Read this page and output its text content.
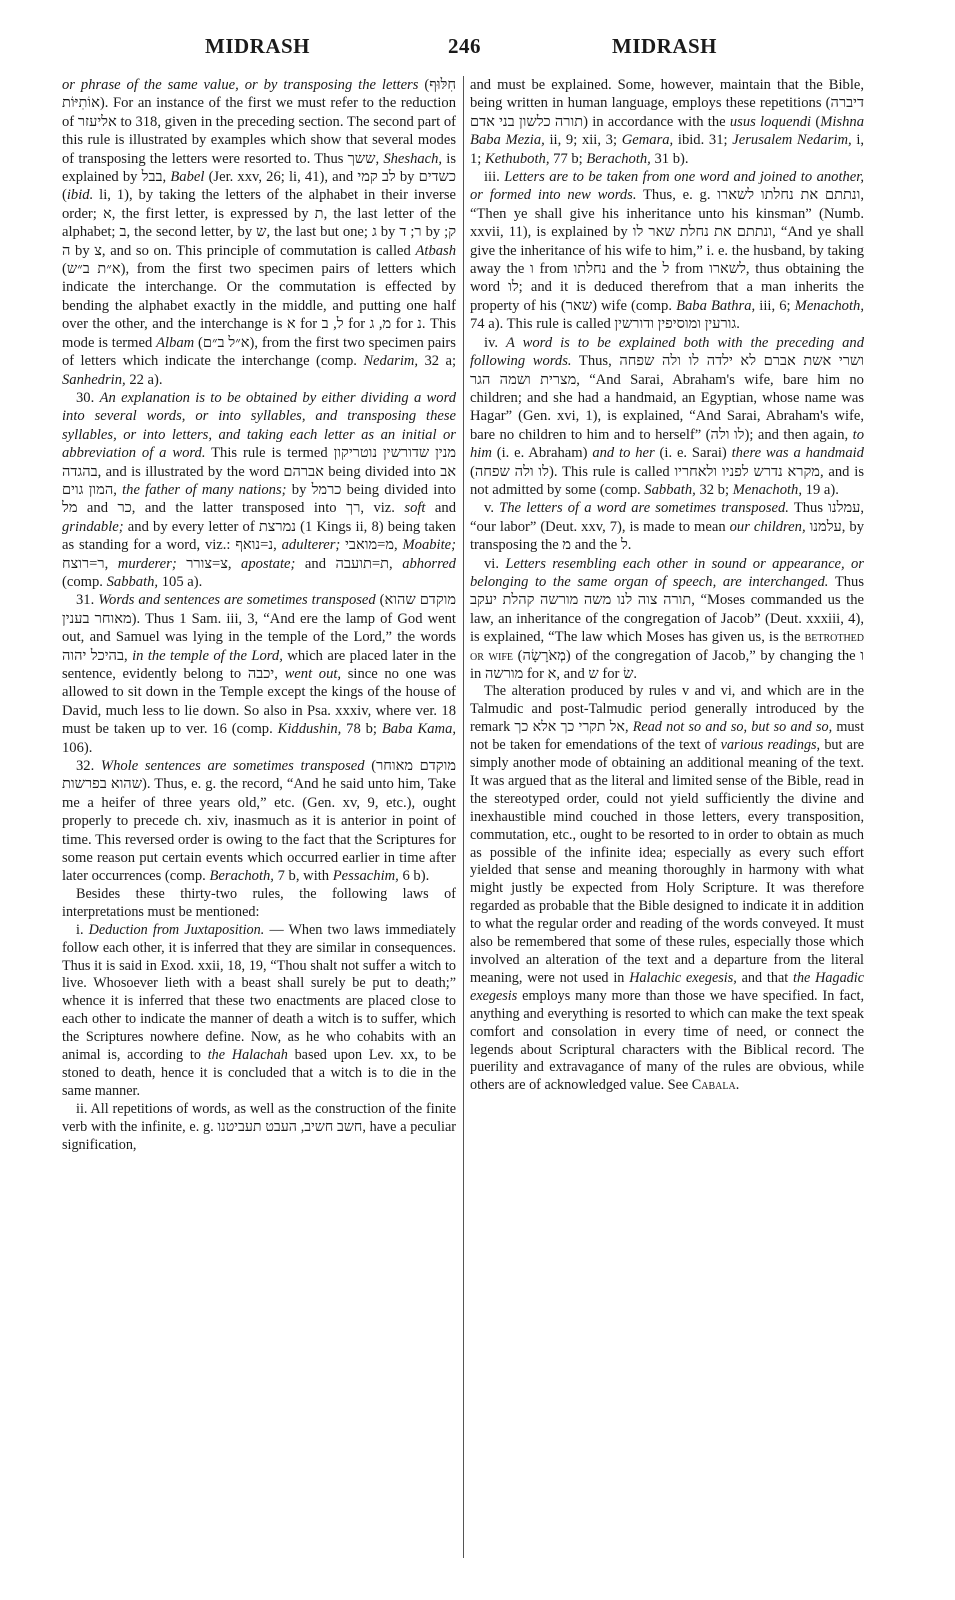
MIDRASH	246	MIDRASH

or phrase of the same value, or by transposing the letters (חִלּוּף אוֹתִיּוֹת). For an instance of the first we must refer to the reduction of אליעזר to 318, given in the preceding section. The second part of this rule is illustrated by examples which show that several modes of transposing the letters were resorted to. Thus ששך, Sheshach, is explained by בבל, Babel (Jer. xxv, 26; li, 41), and לב קמי by כשדים (ibid. li, 1), by taking the letters of the alphabet in their inverse order; א, the first letter, is expressed by ת, the last letter of the alphabet; ב, the second letter, by ש, the last but one; ג by ר; ד by ק; ה by צ, and so on. This principle of commutation is called Atbash (א״ת ב״ש), from the first two specimen pairs of letters which indicate the interchange. Or the commutation is effected by bending the alphabet exactly in the middle, and putting one half over the other, and the interchange is א for ל, ב for מ, ג for נ. This mode is termed Albam (א״ל ב״ם), from the first two specimen pairs of letters which indicate the interchange (comp. Nedarim, 32 a; Sanhedrin, 22 a).

30. An explanation is to be obtained by either dividing a word into several words, or into syllables, and transposing these syllables, or into letters, and taking each letter as an initial or abbreviation of a word. This rule is termed מנין שדורשין נוטריקון בהגדה, and is illustrated by the word אברהם being divided into אב המון גוים, the father of many nations; by כרמל being divided into מל and כר, and the latter transposed into רך, viz. soft and grindable; and by every letter of נמרצת (1 Kings ii, 8) being taken as standing for a word, viz.: נ=נואף, adulterer; מ=מואבי, Moabite; ר=רוצח, murderer; צ=צורר, apostate; and ת=תועבה, abhorred (comp. Sabbath, 105 a).

31. Words and sentences are sometimes transposed (מוקדם שהוא מאוחר בענין). Thus 1 Sam. iii, 3, “And ere the lamp of God went out, and Samuel was lying in the temple of the Lord,” the words בהיכל יהוה, in the temple of the Lord, which are placed later in the sentence, evidently belong to יכבה, went out, since no one was allowed to sit down in the Temple except the kings of the house of David, much less to lie down. So also in Psa. xxxiv, where ver. 18 must be taken up to ver. 16 (comp. Kiddushin, 78 b; Baba Kama, 106).

32. Whole sentences are sometimes transposed (מוקדם מאוחר שהוא בפרשות). Thus, e. g. the record, “And he said unto him, Take me a heifer of three years old,” etc. (Gen. xv, 9, etc.), ought properly to precede ch. xiv, inasmuch as it is anterior in point of time. This reversed order is owing to the fact that the Scriptures for some reason put certain events which occurred earlier in time after later occurrences (comp. Berachoth, 7 b, with Pessachim, 6 b).

Besides these thirty-two rules, the following laws of interpretations must be mentioned:

i. Deduction from Juxtaposition. — When two laws immediately follow each other, it is inferred that they are similar in consequences. Thus it is said in Exod. xxii, 18, 19, “Thou shalt not suffer a witch to live. Whosoever lieth with a beast shall surely be put to death;” whence it is inferred that these two enactments are placed close to each other to indicate the manner of death a witch is to suffer, which the Scriptures nowhere define. Now, as he who cohabits with an animal is, according to the Halachah based upon Lev. xx, to be stoned to death, hence it is concluded that a witch is to die in the same manner.

ii. All repetitions of words, as well as the construction of the finite verb with the infinite, e. g. חשב חשיב, העבט תעביטנו, have a peculiar signification,

and must be explained. Some, however, maintain that the Bible, being written in human language, employs these repetitions (דיברה תורה כלשון בני אדם) in accordance with the usus loquendi (Mishna Baba Mezia, ii, 9; xii, 3; Gemara, ibid. 31; Jerusalem Nedarim, i, 1; Kethuboth, 77 b; Berachoth, 31 b).

iii. Letters are to be taken from one word and joined to another, or formed into new words. Thus, e. g. ונתתם את נחלתו לשארו, “Then ye shall give his inheritance unto his kinsman” (Numb. xxvii, 11), is explained by ונתתם את נחלת שאר לו, “And ye shall give the inheritance of his wife to him,” i. e. the husband, by taking away the ו from נחלתו and the ל from לשארו, thus obtaining the word לו; and it is deduced therefrom that a man inherits the property of his (שאר) wife (comp. Baba Bathra, iii, 6; Menachoth, 74 a). This rule is called גורעין ומוסיפין ודורשין.

iv. A word is to be explained both with the preceding and following words. Thus, ושרי אשת אברם לא ילדה לו ולה שפחה מצרית ושמה הגר, “And Sarai, Abraham's wife, bare him no children; and she had a handmaid, an Egyptian, whose name was Hagar” (Gen. xvi, 1), is explained, “And Sarai, Abraham's wife, bare no children to him and to herself” (לו ולה); and then again, to him (i. e. Abraham) and to her (i. e. Sarai) there was a handmaid (לו ולה שפחה). This rule is called מקרא נדרש לפניו ולאחריו, and is not admitted by some (comp. Sabbath, 32 b; Menachoth, 19 a).

v. The letters of a word are sometimes transposed. Thus עמלנו, “our labor” (Deut. xxv, 7), is made to mean our children, עלמנו, by transposing the מ and the ל.

vi. Letters resembling each other in sound or appearance, or belonging to the same organ of speech, are interchanged. Thus תורה צוה לנו משה מורשה קהלת יעקב, “Moses commanded us the law, an inheritance of the congregation of Jacob” (Deut. xxxiii, 4), is explained, “The law which Moses has given us, is the betrothed or wife (מְאֹרָשָׂה) of the congregation of Jacob,” by changing the ו in מורשה for א, and ש for שׂ.

The alteration produced by rules v and vi, and which are in the Talmudic and post-Talmudic period generally introduced by the remark אל תקרי כך אלא כך, Read not so and so, but so and so, must not be taken for emendations of the text of various readings, but are simply another mode of obtaining an additional meaning of the text. It was argued that as the literal and limited sense of the Bible, read in the stereotyped order, could not yield sufficiently the divine and inexhaustible mind couched in those letters, every transposition, commutation, etc., ought to be resorted to in order to obtain as much as possible of the infinite idea; especially as every such effort yielded that sense and meaning thoroughly in harmony with what might justly be expected from Holy Scripture. It was therefore regarded as probable that the Bible designed to indicate it in addition to what the regular order and reading of the words conveyed. It must also be remembered that some of these rules, especially those which involved an alteration of the text and a departure from the literal meaning, were not used in Halachic exegesis, and that the Hagadic exegesis employs many more than those we have specified. In fact, anything and everything is resorted to which can make the text speak comfort and consolation in every time of need, or connect the legends about Scriptural characters with the Biblical record. The puerility and extravagance of many of the rules are obvious, while others are of acknowledged value. See Cabala.
